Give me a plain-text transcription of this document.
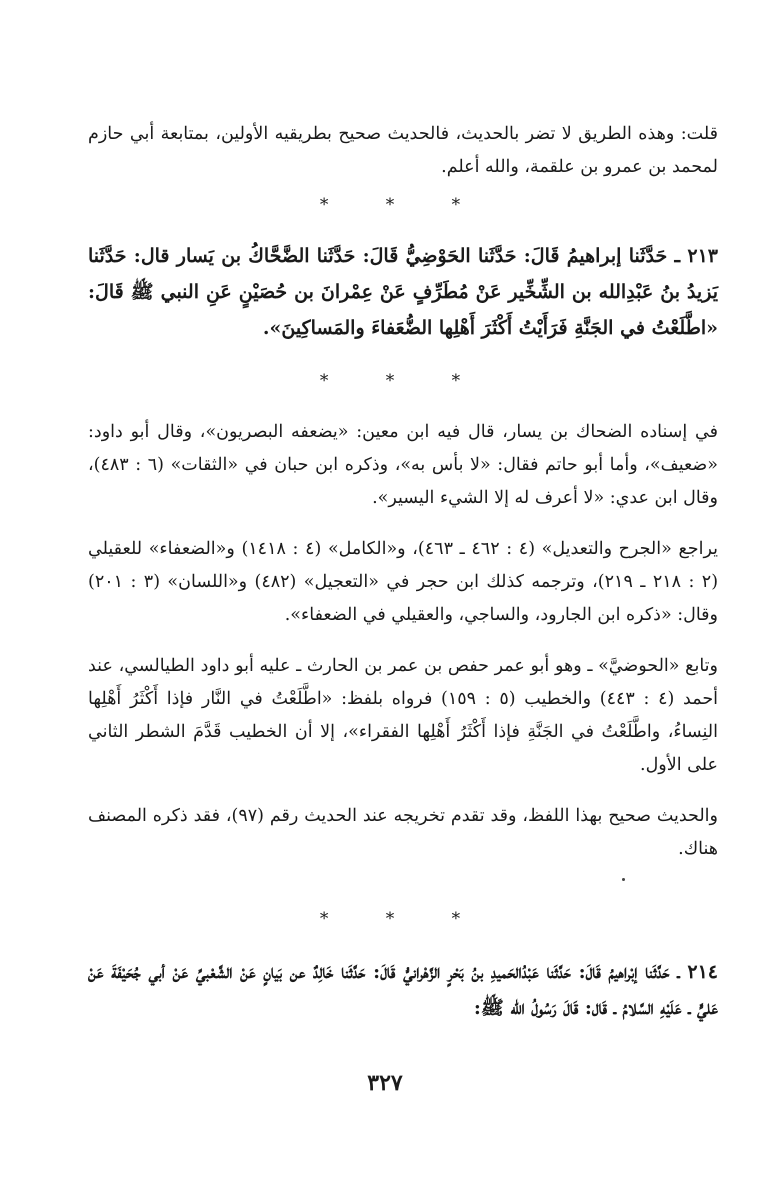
قلت: وهذه الطريق لا تضر بالحديث، فالحديث صحيح بطريقيه الأولين، بمتابعة أبي حازم لمحمد بن عمرو بن علقمة، والله أعلم.

* * *

٢١٣ ـ حَدَّثَنا إبراهيمُ قَالَ: حَدَّثَنا الحَوْضِيُّ قَالَ: حَدَّثَنا الضَّحَّاكُ بن يَسار قال: حَدَّثَنا يَزيدُ بنُ عَبْدِالله بن الشِّخِّير عَنْ مُطَرِّفٍ عَنْ عِمْرانَ بن حُصَيْنٍ عَنِ النبي ﷺ قَالَ: «اطَّلَعْتُ في الجَنَّةِ فَرَأَيْتُ أَكْثَرَ أَهْلِها الضُّعَفاءَ والمَساكِينَ».

* * *

في إسناده الضحاك بن يسار، قال فيه ابن معين: «يضعفه البصريون»، وقال أبو داود: «ضعيف»، وأما أبو حاتم فقال: «لا بأس به»، وذكره ابن حبان في «الثقات» (٦ : ٤٨٣)، وقال ابن عدي: «لا أعرف له إلا الشيء اليسير».

يراجع «الجرح والتعديل» (٤ : ٤٦٢ ـ ٤٦٣)، و«الكامل» (٤ : ١٤١٨) و«الضعفاء» للعقيلي (٢ : ٢١٨ ـ ٢١٩)، وترجمه كذلك ابن حجر في «التعجيل» (٤٨٢) و«اللسان» (٣ : ٢٠١) وقال: «ذكره ابن الجارود، والساجي، والعقيلي في الضعفاء».

وتابع «الحوضيَّ» ـ وهو أبو عمر حفص بن عمر بن الحارث ـ عليه أبو داود الطيالسي، عند أحمد (٤ : ٤٤٣) والخطيب (٥ : ١٥٩) فرواه بلفظ: «اطَّلَعْتُ في النَّار فإذا أَكْثَرُ أَهْلِها النِساءُ، واطَّلَعْتُ في الجَنَّةِ فإذا أَكْثَرُ أَهْلِها الفقراء»، إلا أن الخطيب قَدَّمَ الشطر الثاني على الأول.

والحديث صحيح بهذا اللفظ، وقد تقدم تخريجه عند الحديث رقم (٩٧)، فقد ذكره المصنف هناك.

* * *

٢١٤ ـ حَدَّثَنا إبْراهيمُ قَالَ: حَدَّثَنا عَبْدُالحَميدِ بنُ بَحْرٍ الزَّهْرانيُّ قَالَ: حَدَّثَنا خَالِدٌ عن بَيانٍ عَنْ الشَّعْبيِّ عَنْ أبي جُحَيْفَةَ عَنْ عَليٍّ ـ عَلَيْهِ السَّلامُ ـ قَال: قَالَ رَسُولُ الله ﷺ:

٣٢٧
